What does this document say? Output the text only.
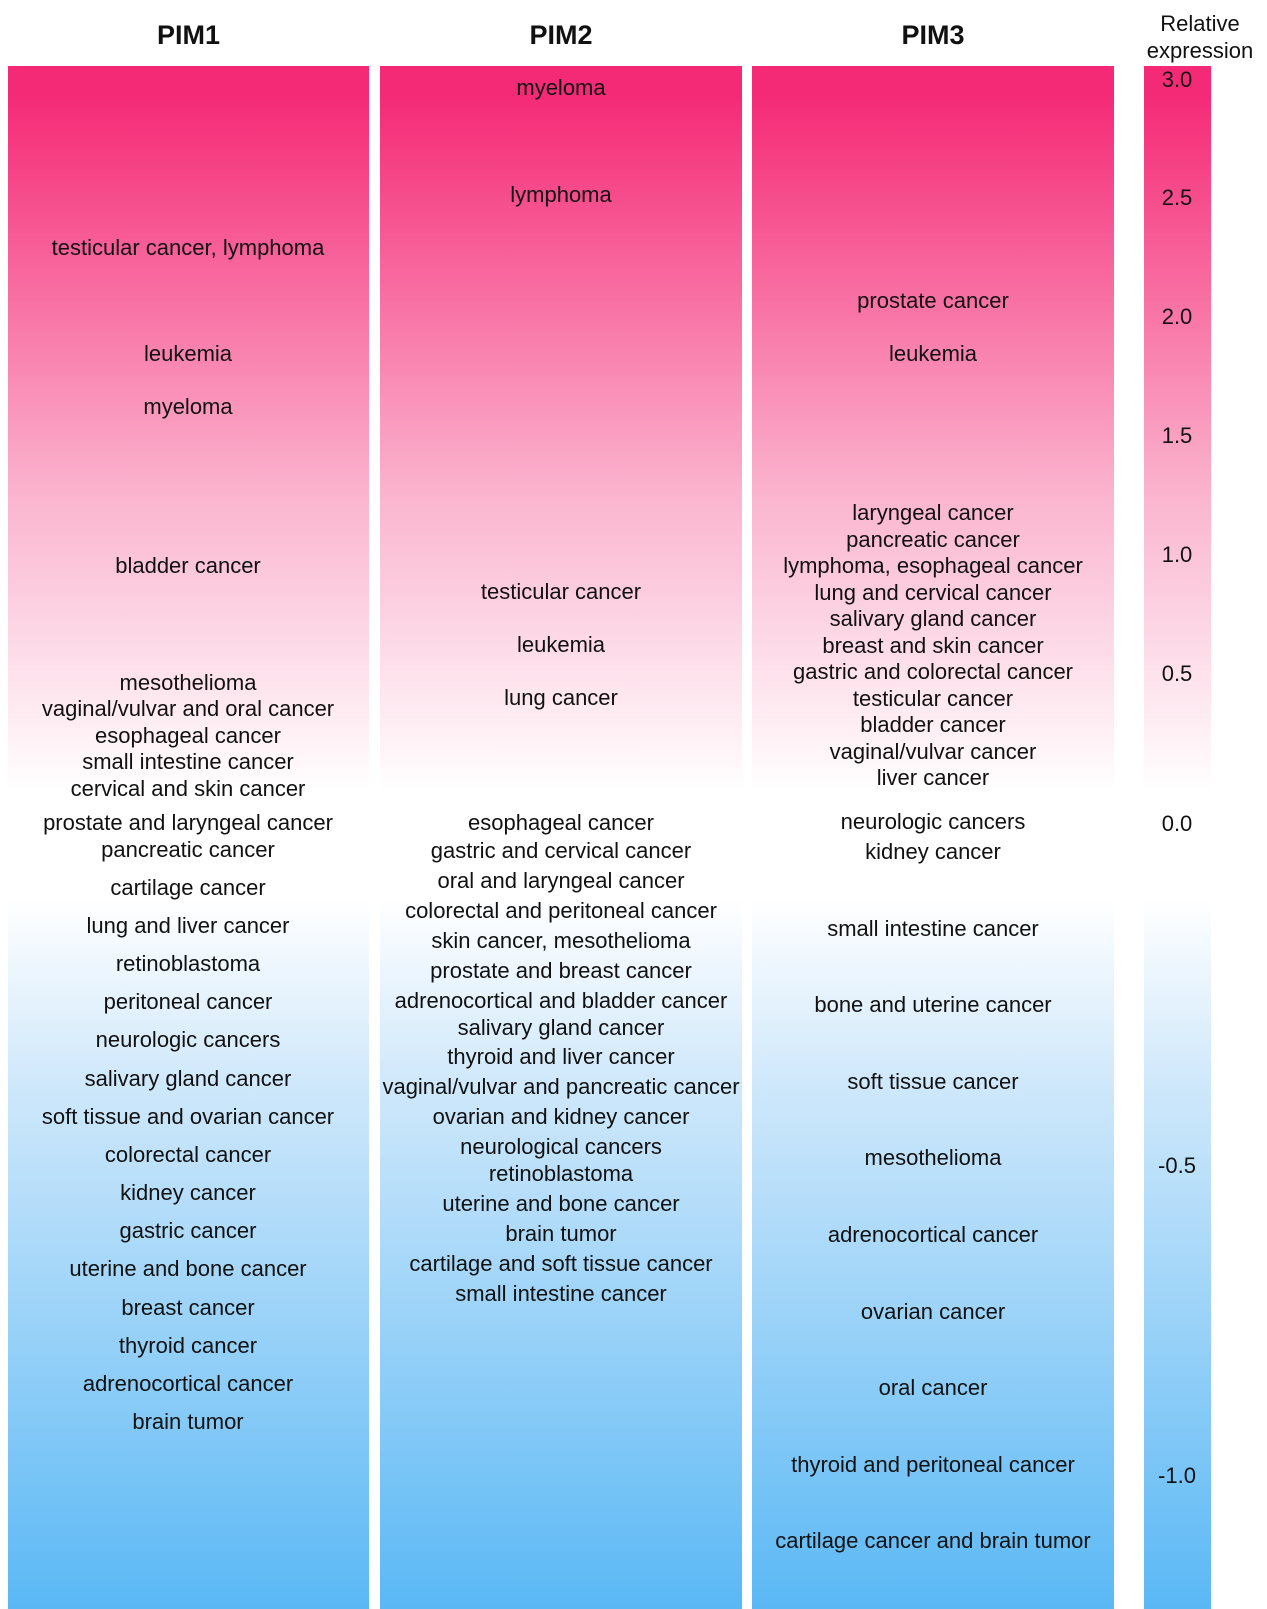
PIM1
testicular cancer, lymphoma
leukemia
myeloma
bladder cancer
mesothelioma
vaginal/vulvar and oral cancer
esophageal cancer
small intestine cancer
cervical and skin cancer
prostate and laryngeal cancer
pancreatic cancer
cartilage cancer
lung and liver cancer
retinoblastoma
peritoneal cancer
neurologic cancers
salivary gland cancer
soft tissue and ovarian cancer
colorectal cancer
kidney cancer
gastric cancer
uterine and bone cancer
breast cancer
thyroid cancer
adrenocortical cancer
brain tumor
PIM2
myeloma
lymphoma
testicular cancer
leukemia
lung cancer
esophageal cancer
gastric and cervical cancer
oral and laryngeal cancer
colorectal and peritoneal cancer
skin cancer, mesothelioma
prostate and breast cancer
adrenocortical and bladder cancer
salivary gland cancer
thyroid and liver cancer
vaginal/vulvar and pancreatic cancer
ovarian and kidney cancer
neurological cancers
retinoblastoma
uterine and bone cancer
brain tumor
cartilage and soft tissue cancer
small intestine cancer
PIM3
prostate cancer
leukemia
laryngeal cancer
pancreatic cancer
lymphoma, esophageal cancer
lung and cervical cancer
salivary gland cancer
breast and skin cancer
gastric and colorectal cancer
testicular cancer
bladder cancer
vaginal/vulvar cancer
liver cancer
neurologic cancers
kidney cancer
small intestine cancer
bone and uterine cancer
soft tissue cancer
mesothelioma
adrenocortical cancer
ovarian cancer
oral cancer
thyroid and peritoneal cancer
cartilage cancer and brain tumor
Relative
expression
3.0
2.5
2.0
1.5
1.0
0.5
0.0
-0.5
-1.0
